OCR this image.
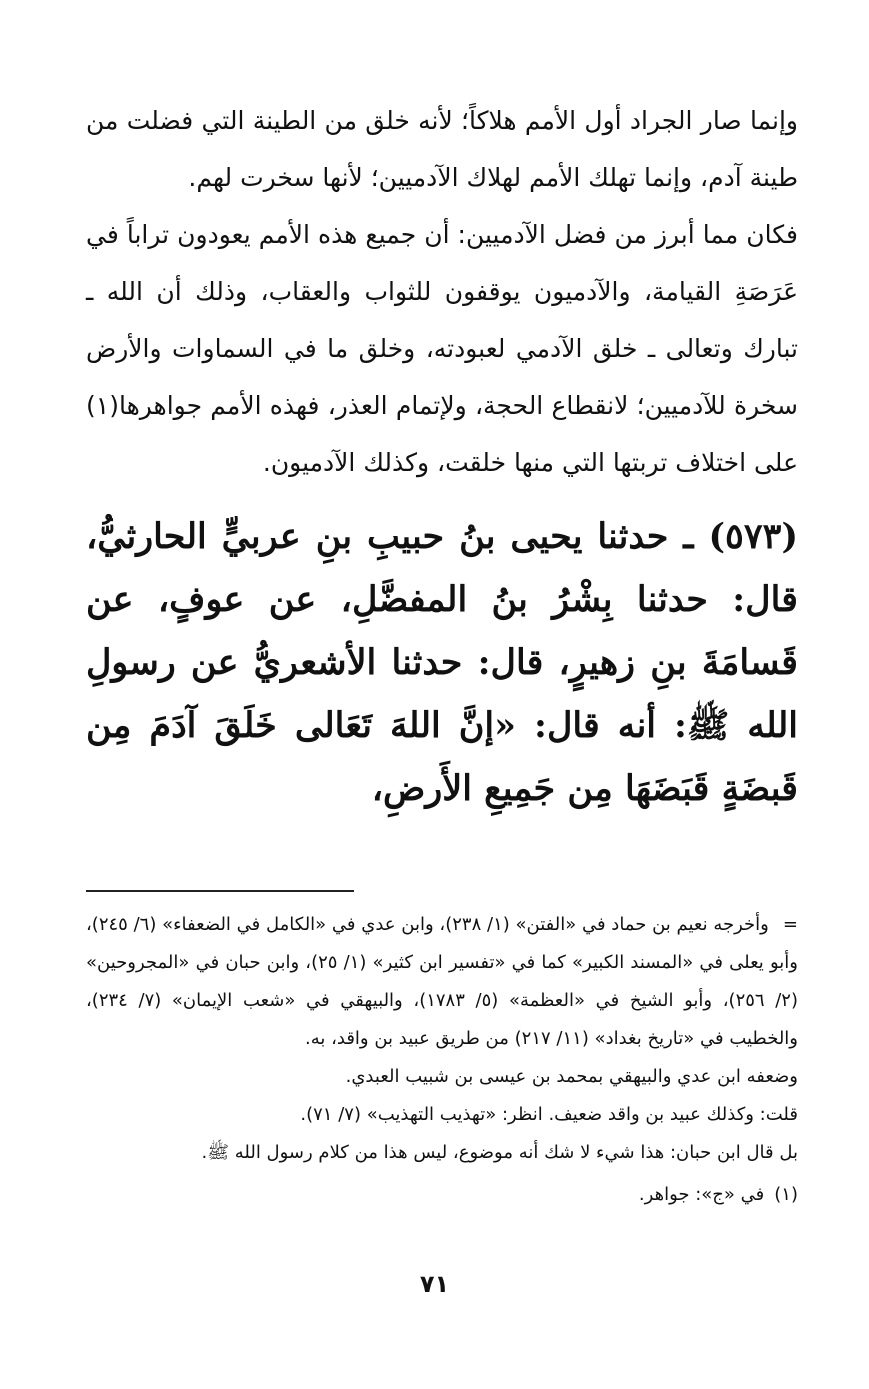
وإنما صار الجراد أول الأمم هلاكاً؛ لأنه خلق من الطينة التي فضلت من طينة آدم، وإنما تهلك الأمم لهلاك الآدميين؛ لأنها سخرت لهم.

فكان مما أبرز من فضل الآدميين: أن جميع هذه الأمم يعودون تراباً في عَرَصَةِ القيامة، والآدميون يوقفون للثواب والعقاب، وذلك أن الله ـ تبارك وتعالى ـ خلق الآدمي لعبودته، وخلق ما في السماوات والأرض سخرة للآدميين؛ لانقطاع الحجة، ولإتمام العذر، فهذه الأمم جواهرها(١) على اختلاف تربتها التي منها خلقت، وكذلك الآدميون.

(٥٧٣) ـ حدثنا يحيى بنُ حبيبِ بنِ عربيٍّ الحارثيُّ، قال: حدثنا بِشْرُ بنُ المفضَّلِ، عن عوفٍ، عن قَسامَةَ بنِ زهيرٍ، قال: حدثنا الأشعريُّ عن رسولِ الله ﷺ: أنه قال: «إنَّ اللهَ تَعَالى خَلَقَ آدَمَ مِن قَبضَةٍ قَبَضَهَا مِن جَمِيعِ الأَرضِ،

=وأخرجه نعيم بن حماد في «الفتن» (١/ ٢٣٨)، وابن عدي في «الكامل في الضعفاء» (٦/ ٢٤٥)، وأبو يعلى في «المسند الكبير» كما في «تفسير ابن كثير» (١/ ٢٥)، وابن حبان في «المجروحين» (٢/ ٢٥٦)، وأبو الشيخ في «العظمة» (٥/ ١٧٨٣)، والبيهقي في «شعب الإيمان» (٧/ ٢٣٤)، والخطيب في «تاريخ بغداد» (١١/ ٢١٧) من طريق عبيد بن واقد، به.

وضعفه ابن عدي والبيهقي بمحمد بن عيسى بن شبيب العبدي.

قلت: وكذلك عبيد بن واقد ضعيف. انظر: «تهذيب التهذيب» (٧/ ٧١).

بل قال ابن حبان: هذا شيء لا شك أنه موضوع، ليس هذا من كلام رسول الله ﷺ.

(١)في «ج»: جواهر.

٧١
